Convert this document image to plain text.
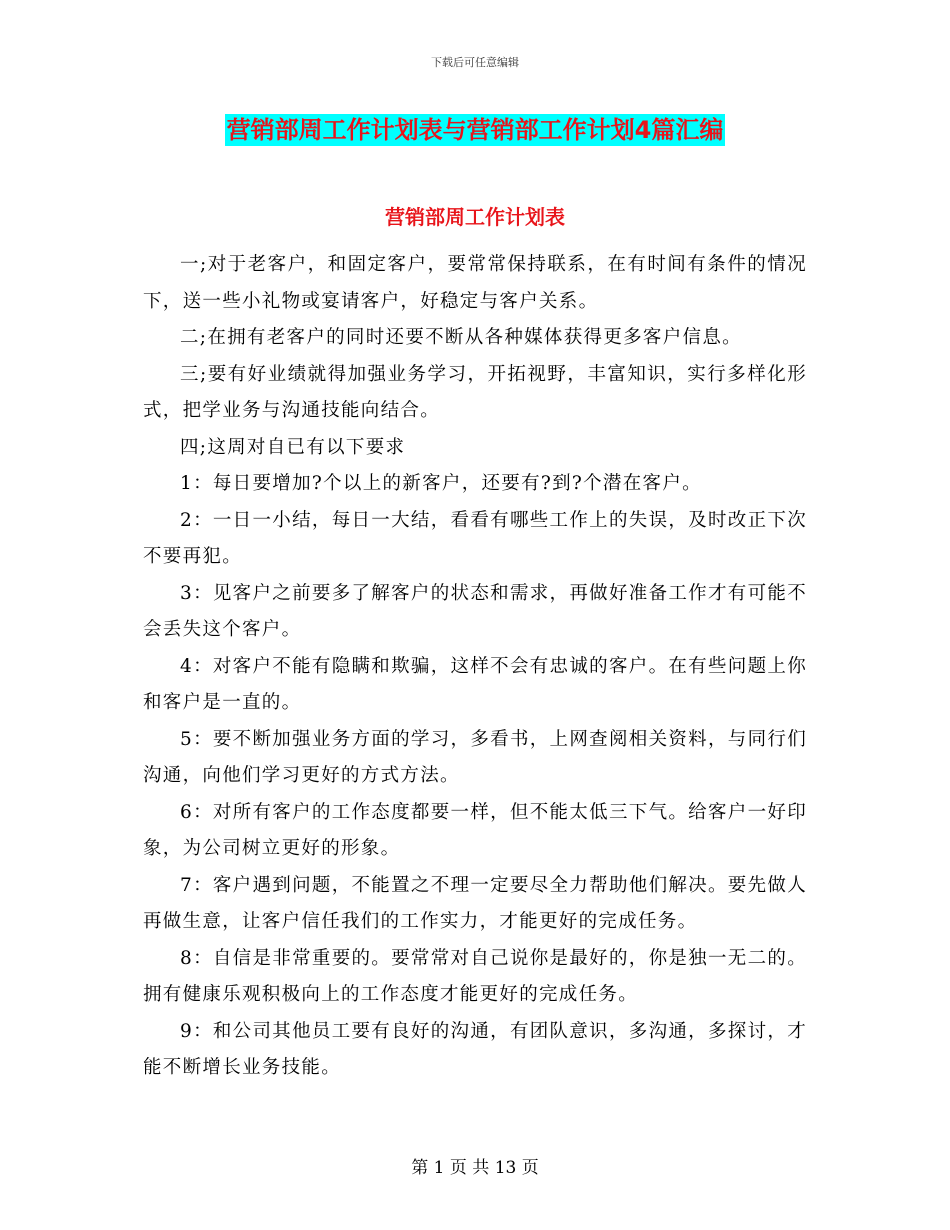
下载后可任意编辑
营销部周工作计划表与营销部工作计划4篇汇编
营销部周工作计划表

一;对于老客户，和固定客户，要常常保持联系，在有时间有条件的情况下，送一些小礼物或宴请客户，好稳定与客户关系。

二;在拥有老客户的同时还要不断从各种媒体获得更多客户信息。

三;要有好业绩就得加强业务学习，开拓视野，丰富知识，实行多样化形式，把学业务与沟通技能向结合。

四;这周对自已有以下要求

1：每日要增加?个以上的新客户，还要有?到?个潜在客户。

2：一日一小结，每日一大结，看看有哪些工作上的失误，及时改正下次不要再犯。

3：见客户之前要多了解客户的状态和需求，再做好准备工作才有可能不会丢失这个客户。

4：对客户不能有隐瞒和欺骗，这样不会有忠诚的客户。在有些问题上你和客户是一直的。

5：要不断加强业务方面的学习，多看书，上网查阅相关资料，与同行们沟通，向他们学习更好的方式方法。

6：对所有客户的工作态度都要一样，但不能太低三下气。给客户一好印象，为公司树立更好的形象。

7：客户遇到问题，不能置之不理一定要尽全力帮助他们解决。要先做人再做生意，让客户信任我们的工作实力，才能更好的完成任务。

8：自信是非常重要的。要常常对自己说你是最好的，你是独一无二的。拥有健康乐观积极向上的工作态度才能更好的完成任务。

9：和公司其他员工要有良好的沟通，有团队意识，多沟通，多探讨，才能不断增长业务技能。

第 1 页 共 13 页
